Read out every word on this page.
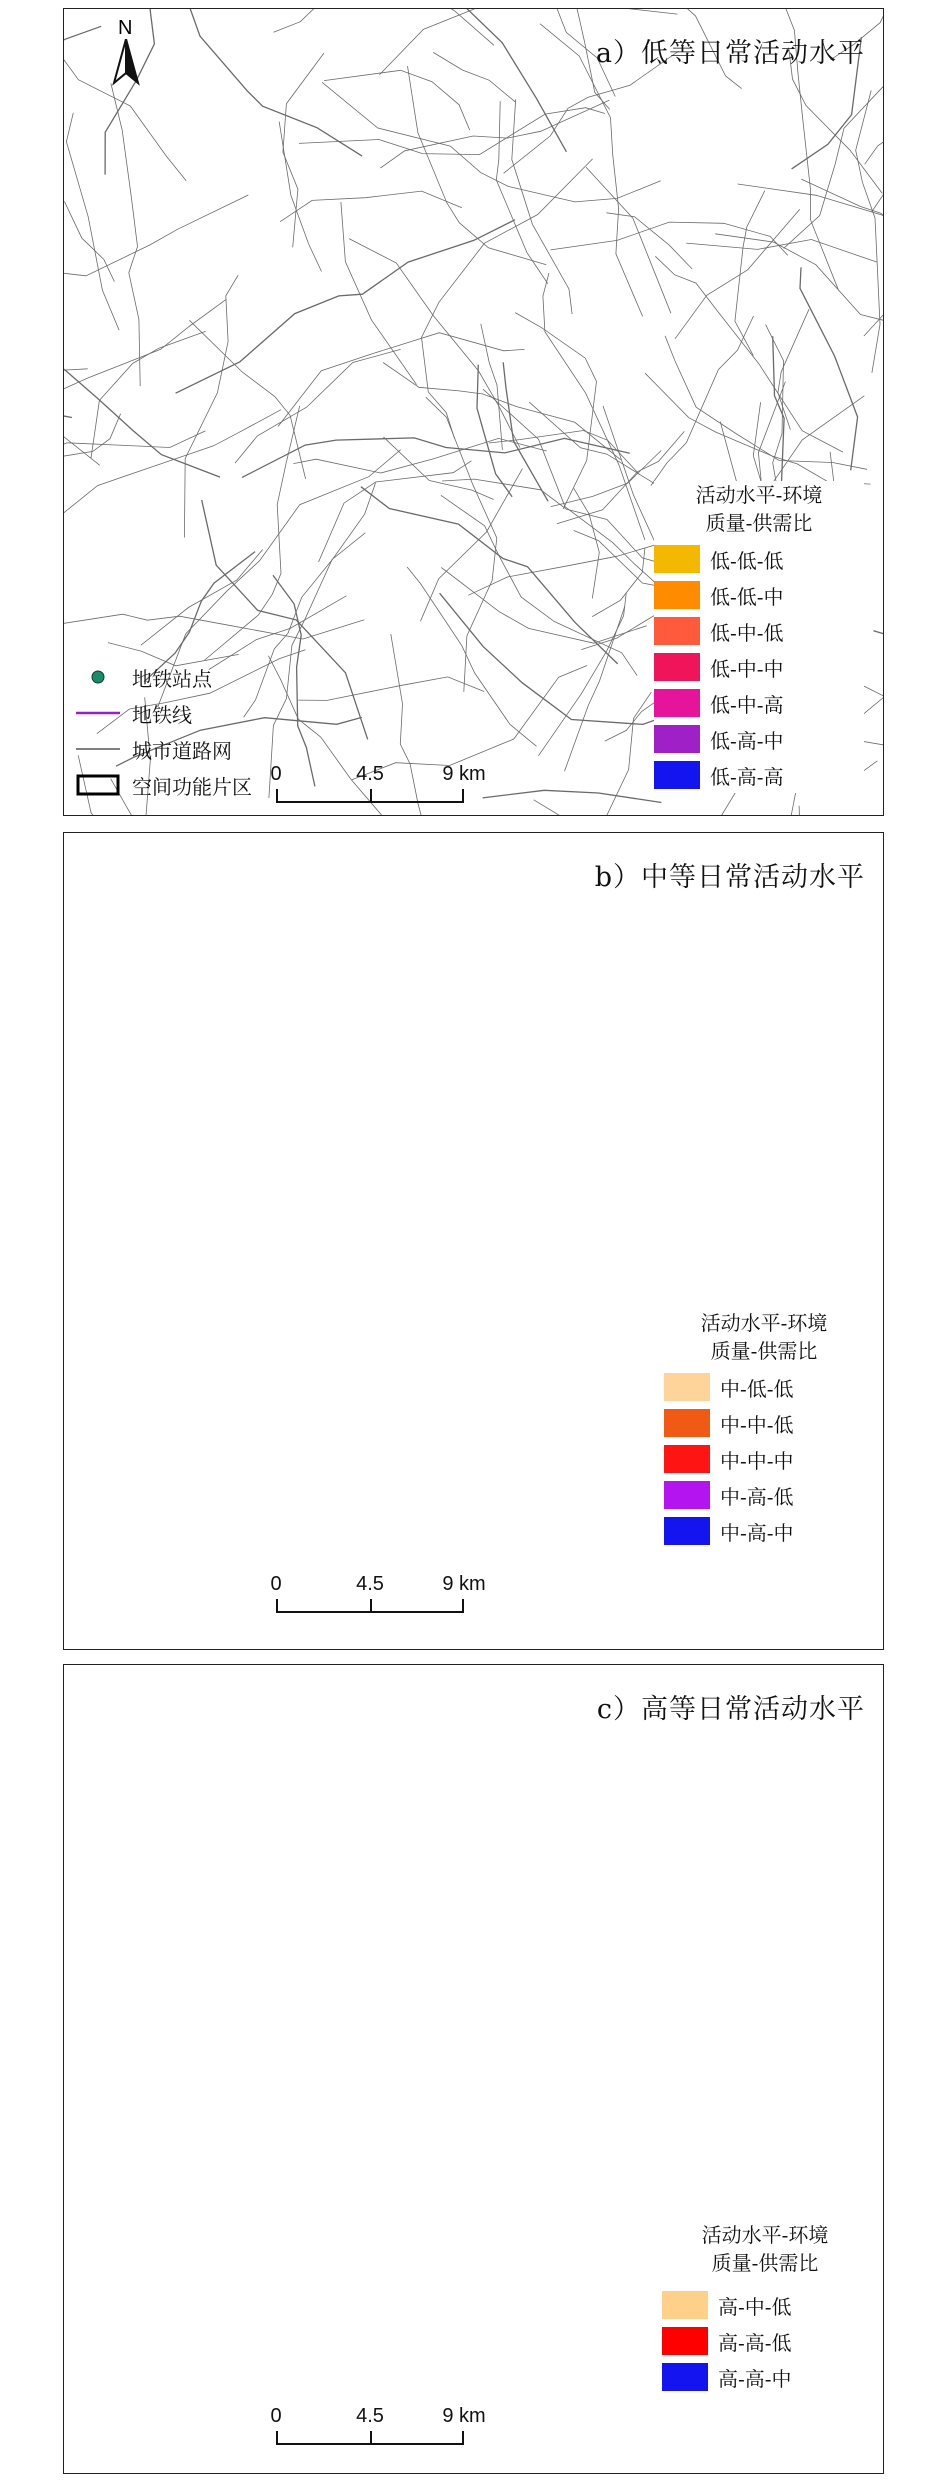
N
a）低等日常活动水平
活动水平-环境
质量-供需比
低-低-低
低-低-中
低-中-低
低-中-中
低-中-高
低-高-中
低-高-高
地铁站点
地铁线
城市道路网
空间功能片区
0	4.5	9 km
b）中等日常活动水平
活动水平-环境
质量-供需比
中-低-低
中-中-低
中-中-中
中-高-低
中-高-中
0	4.5	9 km
c）高等日常活动水平
活动水平-环境
质量-供需比
高-中-低
高-高-低
高-高-中
0	4.5	9 km
